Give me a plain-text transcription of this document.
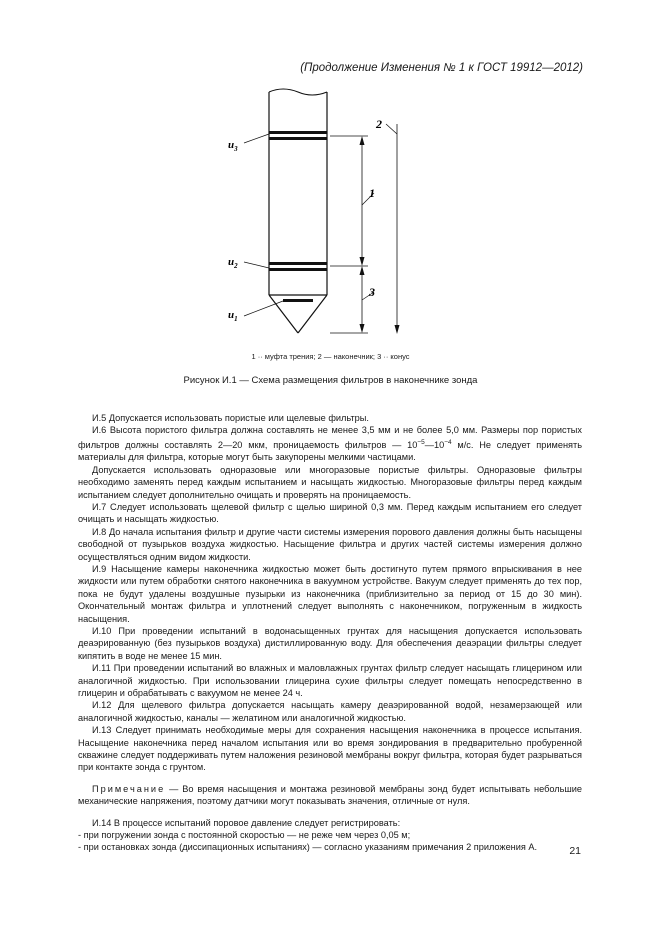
(Продолжение Изменения № 1 к ГОСТ 19912—2012)
$u_3$
$u_2$
$u_1$
1
3
2
1 ·· муфта трения; 2 — наконечник; 3 ·· конус
Рисунок И.1 — Схема размещения фильтров в наконечнике зонда

И.5 Допускается использовать пористые или щелевые фильтры.

И.6 Высота пористого фильтра должна составлять не менее 3,5 мм и не более 5,0 мм. Размеры пор пористых фильтров должны составлять 2—20 мкм, проницаемость фильтров — $10^{-5}—10^{-4}$ м/с. Не следует применять материалы для фильтра, которые могут быть закупорены мелкими частицами.

Допускается использовать одноразовые или многоразовые пористые фильтры. Одноразовые фильтры необходимо заменять перед каждым испытанием и насыщать жидкостью. Многоразовые фильтры перед каждым испытанием следует дополнительно очищать и проверять на проницаемость.

И.7 Следует использовать щелевой фильтр с щелью шириной 0,3 мм. Перед каждым испытанием его следует очищать и насыщать жидкостью.

И.8 До начала испытания фильтр и другие части системы измерения порового давления должны быть насыщены свободной от пузырьков воздуха жидкостью. Насыщение фильтра и других частей системы измерения должно осуществляться одним видом жидкости.

И.9 Насыщение камеры наконечника жидкостью может быть достигнуто путем прямого впрыскивания в нее жидкости или путем обработки снятого наконечника в вакуумном устройстве. Вакуум следует применять до тех пор, пока не будут удалены воздушные пузырьки из наконечника (приблизительно за период от 15 до 30 мин). Окончательный монтаж фильтра и уплотнений следует выполнять с наконечником, погруженным в жидкость насыщения.

И.10 При проведении испытаний в водонасыщенных грунтах для насыщения допускается использовать деаэрированную (без пузырьков воздуха) дистиллированную воду. Для обеспечения деаэрации фильтры следует кипятить в воде не менее 15 мин.

И.11 При проведении испытаний во влажных и маловлажных грунтах фильтр следует насыщать глицерином или аналогичной жидкостью. При использовании глицерина сухие фильтры следует помещать непосредственно в глицерин и обрабатывать с вакуумом не менее 24 ч.

И.12 Для щелевого фильтра допускается насыщать камеру деаэрированной водой, незамерзающей или аналогичной жидкостью, каналы — желатином или аналогичной жидкостью.

И.13 Следует принимать необходимые меры для сохранения насыщения наконечника в процессе испытания. Насыщение наконечника перед началом испытания или во время зондирования в предварительно пробуренной скважине следует поддерживать путем наложения резиновой мембраны вокруг фильтра, которая будет разрываться при контакте зонда с грунтом.

Примечание — Во время насыщения и монтажа резиновой мембраны зонд будет испытывать небольшие механические напряжения, поэтому датчики могут показывать значения, отличные от нуля.

И.14 В процессе испытаний поровое давление следует регистрировать:

- при погружении зонда с постоянной скоростью — не реже чем через 0,05 м;

- при остановках зонда (диссипационных испытаниях) — согласно указаниям примечания 2 приложения А.	21
